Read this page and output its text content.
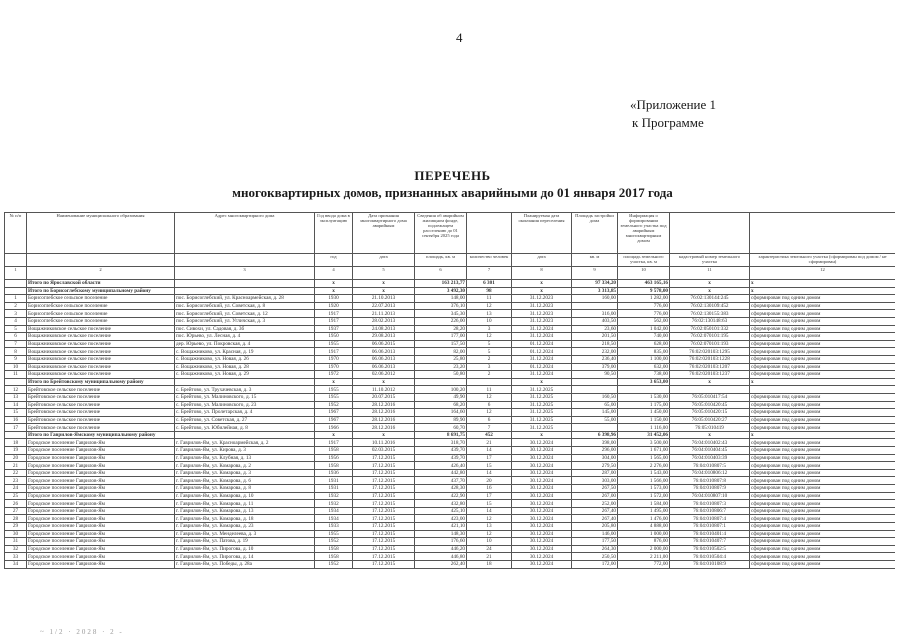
4
«Приложение 1
к Программе
ПЕРЕЧЕНЬ
многоквартирных домов, признанных аварийными до 01 января 2017 года
№ п/п	Наименование муниципального образования	Адрес многоквартирного дома	Год ввода дома в эксплуатацию	Дата признания многоквартирного дома аварийным	Сведения об аварийном жилищном фонде, подлежащем расселению до 01 сентября 2025 года		Планируемая дата окончания переселения	Площадь застройки дома	Информация о формировании земельного участка под аварийным многоквартирным домом		
			год	дата	площадь, кв. м	количество человек	дата	кв. м	площадь земельного участка, кв. м	кадастровый номер земельного участка	характеристика земельного участка (сформирован под домом / не сформирован)
1	2	3	4	5	6	7	8	9	10	11	12
	Итого по Ярославской области		х	х	163 213,77	6 301	х	97 334,20	463 165,16	х	х
	Итого по Борисоглебскому муниципальному району		х	х	3 492,30	98	х	3 313,85	9 578,00	х	х
1	Борисоглебское сельское поселение	пос. Борисоглебский, ул. Красноармейская, д. 28	1930	21.10.2013	148,00	11	31.12.2023	160,00	1 282,00	76:02:130144:245	сформирован под одним домом
2	Борисоглебское сельское поселение	пос. Борисоглебский, ул. Советская, д. 8	1920	22.07.2013	376,10	12	31.12.2023		776,00	76:02:130109:452	сформирован под одним домом
3	Борисоглебское сельское поселение	пос. Борисоглебский, ул. Советская, д. 12	1917	21.11.2013	345,30	13	31.12.2023	316,00	776,00	76:02:130155:383	сформирован под одним домом
4	Борисоглебское сельское поселение	пос. Борисоглебский, ул. Угличская, д. 3	1917	28.02.2013	226,00	10	31.12.2023	403,50	562,00	76:02:130148:63	сформирован под одним домом
5	Вощажниковское сельское поселение	пос. Сивохи, ул. Садовая, д. 3б	1937	24.08.2013	28,20	3	31.12.2024	23,60	1 042,00	76:02:050101:332	сформирован под одним домом
6	Вощажниковское сельское поселение	пос. Юрьево, ул. Лесная, д. 4	1950	29.08.2013	177,00	12	31.12.2024	201,50	740,00	76:02:070101:195	сформирован под одним домом
7	Вощажниковское сельское поселение	дер. Юрьево, ул. Покровская, д. 4	1955	06.06.2015	157,50	5	01.12.2024	218,50	628,00	76:02:070101:193	сформирован под одним домом
8	Вощажниковское сельское поселение	с. Вощажниково, ул. Красная, д. 19	1917	06.06.2013	82,00	5	01.12.2024	232,00	835,00	76:02:020103:1295	сформирован под одним домом
9	Вощажниковское сельское поселение	с. Вощажниково, ул. Новая, д. 26	1970	06.06.2013	25,80	2	31.12.2024	236,40	1 100,00	76:02:020103:1228	сформирован под одним домом
10	Вощажниковское сельское поселение	с. Вощажниково, ул. Новая, д. 28	1970	06.06.2013	23,20	3	01.12.2024	379,00	632,00	76:02:020103:1207	сформирован под одним домом
11	Вощажниковское сельское поселение	с. Вощажниково, ул. Новая, д. 29	1972	02.06.2012	50,80	2	31.12.2024	90,50	738,00	76:02:020103:1237	сформирован под одним домом
	Итого по Брейтовскому муниципальному району		х	х			х		3 653,00	х	х
12	Брейтовское сельское поселение	с. Брейтово, ул. Трухачевская, д. 3	1955	11.10.2012	100,20	11	31.12.2025				
13	Брейтовское сельское поселение	с. Брейтово, ул. Малиновского, д. 15	1955	20.07.2015	49,90	12	31.12.2025	160,50	1 530,00	76:05:010417:54	сформирован под одним домом
14	Брейтовское сельское поселение	с. Брейтово, ул. Малиновского, д. 23	1952	28.12.2016	68,20	6	31.12.2025	65,00	1 175,00	76:05:010420:45	сформирован под одним домом
15	Брейтовское сельское поселение	с. Брейтово, ул. Пролетарская, д. 4	1967	28.12.2016	164,60	12	31.12.2025	145,00	1 450,00	76:05:010420:15	сформирован под одним домом
16	Брейтовское сельское поселение	с. Брейтово, ул. Советская, д. 27	1967	28.12.2016	89,90	6	31.12.2025	55,00	1 150,00	76:05:010420:27	сформирован под одним домом
17	Брейтовское сельское поселение	с. Брейтово, ул. Юбилейная, д. 8	1966	28.12.2016	60,70	7	31.12.2025		1 116,00	76:05:010419	сформирован под одним домом
	Итого по Гаврилов-Ямскому муниципальному району		х	х	8 691,75	452	х	6 398,96	31 452,06	х	х
18	Городское поселение Гаврилов-Ям	г. Гаврилов-Ям, ул. Красноармейская, д. 2	1917	10.11.2016	318,70	21	30.12.2024	398,00	3 500,00	76:04:010402:43	сформирован под одним домом
19	Городское поселение Гаврилов-Ям	г. Гаврилов-Ям, ул. Кирова, д. 3	1958	02.03.2015	439,70	14	30.12.2024	296,00	1 671,00	76:04:010404:45	сформирован под одним домом
20	Городское поселение Гаврилов-Ям	г. Гаврилов-Ям, ул. Клубная, д. 13	1956	17.12.2015	439,70	17	30.12.2024	304,00	1 565,00	76:04:010403:39	сформирован под одним домом
21	Городское поселение Гаврилов-Ям	г. Гаврилов-Ям, ул. Комарова, д. 2	1958	17.12.2015	426,40	15	30.12.2024	279,50	2 276,00	76:04:010807:5	сформирован под одним домом
22	Городское поселение Гаврилов-Ям	г. Гаврилов-Ям, ул. Комарова, д. 3	1936	17.12.2015	442,80	14	30.12.2024	287,00	1 543,00	76:04:010806:12	сформирован под одним домом
23	Городское поселение Гаврилов-Ям	г. Гаврилов-Ям, ул. Комарова, д. 6	1931	17.12.2015	437,70	20	30.12.2024	303,00	1 566,00	76:04:010807:8	сформирован под одним домом
24	Городское поселение Гаврилов-Ям	г. Гаврилов-Ям, ул. Комарова, д. 8	1931	17.12.2015	428,30	16	30.12.2024	267,50	1 573,00	76:04:010807:9	сформирован под одним домом
25	Городское поселение Гаврилов-Ям	г. Гаврилов-Ям, ул. Комарова, д. 10	1932	17.12.2015	422,90	17	30.12.2024	267,00	1 572,00	76:04:010807:10	сформирован под одним домом
26	Городское поселение Гаврилов-Ям	г. Гаврилов-Ям, ул. Комарова, д. 11	1932	17.12.2015	432,80	15	30.12.2024	252,00	1 584,00	76:04:010807:3	сформирован под одним домом
27	Городское поселение Гаврилов-Ям	г. Гаврилов-Ям, ул. Комарова, д. 13	1934	17.12.2015	425,10	14	30.12.2024	267,40	1 495,00	76:04:010806:7	сформирован под одним домом
28	Городское поселение Гаврилов-Ям	г. Гаврилов-Ям, ул. Комарова, д. 18	1934	17.12.2015	423,00	12	30.12.2024	267,40	1 476,00	76:04:010807:4	сформирован под одним домом
29	Городское поселение Гаврилов-Ям	г. Гаврилов-Ям, ул. Комарова, д. 23	1933	17.12.2015	421,10	13	30.12.2024	205,80	4 888,00	76:04:010807:1	сформирован под одним домом
30	Городское поселение Гаврилов-Ям	г. Гаврилов-Ям, ул. Менделеева, д. 3	1955	17.12.2015	148,30	12	30.12.2024	146,00	1 000,00	76:04:010401:4	сформирован под одним домом
31	Городское поселение Гаврилов-Ям	г. Гаврилов-Ям, ул. Патова, д. 19	1952	17.12.2015	176,60	10	30.12.2024	177,50	876,00	76:04:010407:7	сформирован под одним домом
32	Городское поселение Гаврилов-Ям	г. Гаврилов-Ям, ул. Пирогова, д. 10	1958	17.12.2015	446,20	24	30.12.2024	264,30	2 000,00	76:04:010502:5	сформирован под одним домом
33	Городское поселение Гаврилов-Ям	г. Гаврилов-Ям, ул. Пирогова, д. 14	1958	17.12.2015	446,80	21	30.12.2024	250,50	2 211,00	76:04:010504:4	сформирован под одним домом
34	Городское поселение Гаврилов-Ям	г. Гаврилов-Ям, ул. Победы, д. 28а	1952	17.12.2015	262,40	18	30.12.2024	172,00	772,00	76:04:010108:9	сформирован под одним домом
~ 1/2 · 2028 · 2 -
